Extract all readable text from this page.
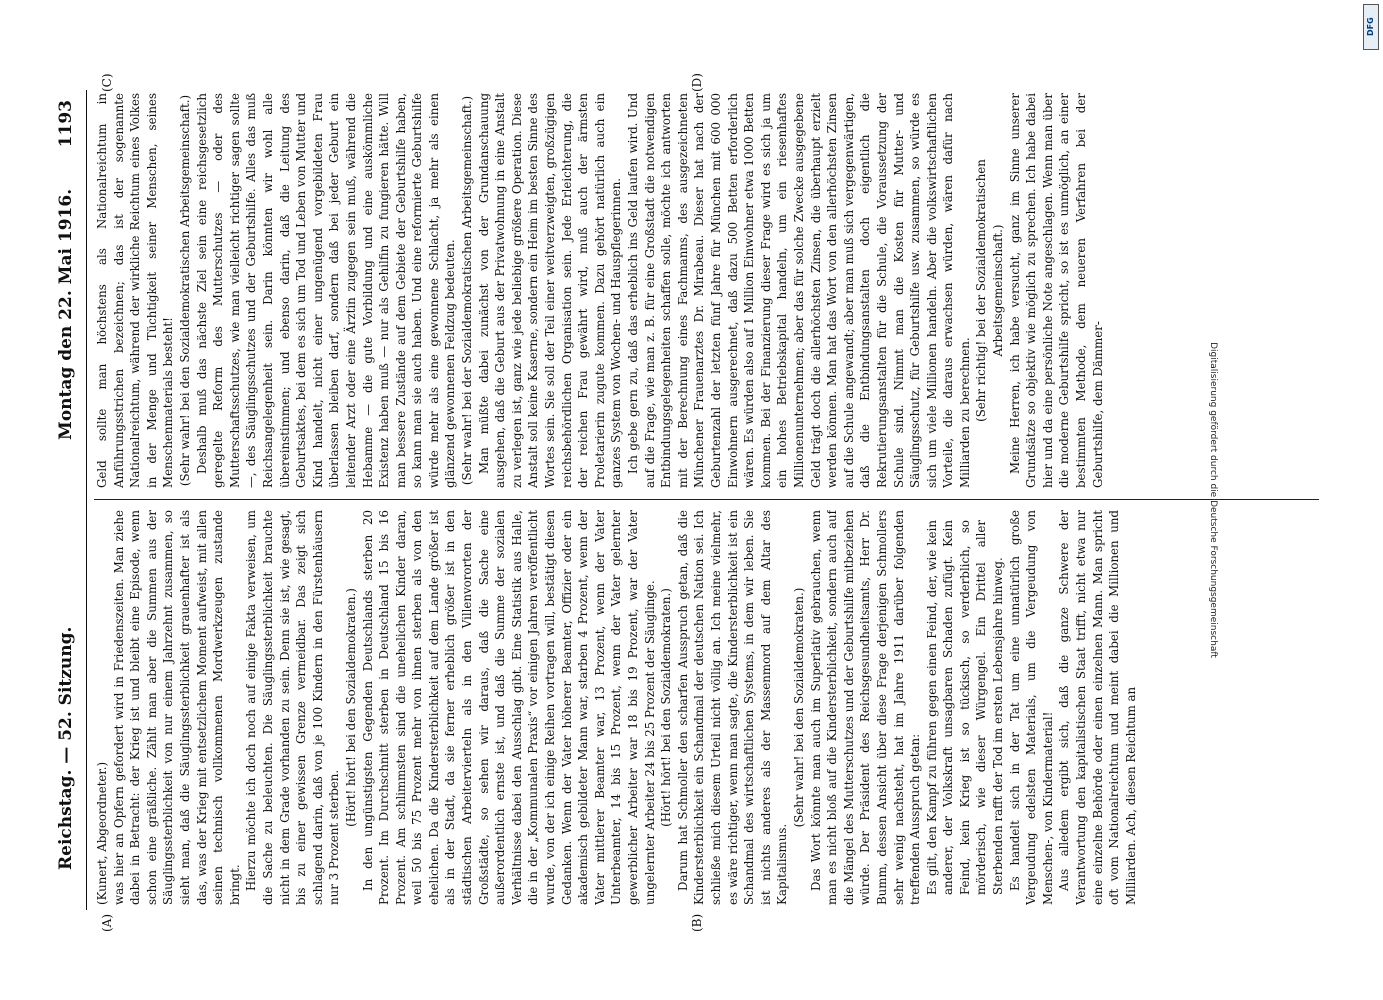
Reichstag. — 52. Sitzung.
Montag den 22. Mai 1916.
1193
(A)	(B)
(C)	(D)

(Kunert, Abgeordneter.) was hier an Opfern gefordert wird in Friedenszeiten. Man ziehe dabei in Betracht: der Krieg ist und bleibt eine Episode, wenn schon eine gräßliche. Zählt man aber die Summen aus der Säuglingssterblichkeit von nur einem Jahrzehnt zusammen, so sieht man, daß die Säuglingssterblichkeit grauenhafter ist als das, was der Krieg mit entsetzlichem Moment aufweist, mit allen seinen technisch vollkommenen Mordwerkzeugen zustande bringt. Hierzu möchte ich doch noch auf einige Fakta verweisen, um die Sache zu beleuchten. Die Säuglingssterblichkeit brauchte nicht in dem Grade vorhanden zu sein. Denn sie ist, wie gesagt, bis zu einer gewissen Grenze vermeidbar. Das zeigt sich schlagend darin, daß von je 100 Kindern in den Fürstenhäusern nur 3 Prozent sterben.

(Hört! hört! bei den Sozialdemokraten.) In den ungünstigsten Gegenden Deutschlands sterben 20 Prozent. Im Durchschnitt sterben in Deutschland 15 bis 16 Prozent. Am schlimmsten sind die unehelichen Kinder daran, weil 50 bis 75 Prozent mehr von ihnen sterben als von den ehelichen. Da die Kindersterblichkeit auf dem Lande größer ist als in der Stadt, da sie ferner erheblich größer ist in den städtischen Arbeitervierteln als in den Villenvororten der Großstädte, so sehen wir daraus, daß die Sache eine außerordentlich ernste ist, und daß die Summe der sozialen Verhältnisse dabei den Ausschlag gibt. Eine Statistik aus Halle, die in der „Kommunalen Praxis“ vor einigen Jahren veröffentlicht wurde, von der ich einige Reihen vortragen will, bestätigt diesen Gedanken. Wenn der Vater höherer Beamter, Offizier oder ein akademisch gebildeter Mann war, starben 4 Prozent, wenn der Vater mittlerer Beamter war, 13 Prozent, wenn der Vater Unterbeamter, 14 bis 15 Prozent, wenn der Vater gelernter gewerblicher Arbeiter war 18 bis 19 Prozent, war der Vater ungelernter Arbeiter 24 bis 25 Prozent der Säuglinge. (Hört! hört! bei den Sozialdemokraten.) Darum hat Schmoller den scharfen Ausspruch getan, daß die Kindersterblichkeit ein Schandmal der deutschen Nation sei. Ich schließe mich diesem Urteil nicht völlig an. Ich meine vielmehr, es wäre richtiger, wenn man sagte, die Kindersterblichkeit ist ein Schandmal des wirtschaftlichen Systems, in dem wir leben. Sie ist nichts anderes als der Massenmord auf dem Altar des Kapitalismus.

(Sehr wahr! bei den Sozialdemokraten.) Das Wort könnte man auch im Superlativ gebrauchen, wenn man es nicht bloß auf die Kindersterblichkeit, sondern auch auf die Mängel des Mutterschutzes und der Geburtshilfe mitbeziehen würde. Der Präsident des Reichsgesundheitsamts, Herr Dr. Bumm, dessen Ansicht über diese Frage derjenigen Schmollers sehr wenig nachsteht, hat im Jahre 1911 darüber folgenden treffenden Ausspruch getan: Es gilt, den Kampf zu führen gegen einen Feind, der, wie kein anderer, der Volkskraft unsagbaren Schaden zufügt. Kein Feind, kein Krieg ist so tückisch, so verderblich, so mörderisch, wie dieser Würgengel. Ein Drittel aller Sterbenden rafft der Tod im ersten Lebensjahre hinweg. Es handelt sich in der Tat um eine unnatürlich große Vergeudung edelsten Materials, um die Vergeudung von Menschen-, von Kindermaterial! Aus alledem ergibt sich, daß die ganze Schwere der Verantwortung den kapitalistischen Staat trifft, nicht etwa nur eine einzelne Behörde oder einen einzelnen Mann. Man spricht oft vom Nationalreichtum und meint dabei die Millionen und Milliarden. Ach, diesen Reichtum an

Geld sollte man höchstens als Nationalreichtum in Anführungsstrichen bezeichnen; das ist der sogenannte Nationalreichtum, während der wirkliche Reichtum eines Volkes in der Menge und Tüchtigkeit seiner Menschen, seines Menschenmaterials besteht! (Sehr wahr! bei den Sozialdemokratischen Arbeitsgemeinschaft.) Deshalb muß das nächste Ziel sein eine reichsgesetzlich geregelte Reform des Mutterschutzes — oder des Mutterschaftsschutzes, wie man vielleicht richtiger sagen sollte —, des Säuglingsschutzes und der Geburtshilfe. Alles das muß Reichsangelegenheit sein. Darin könnten wir wohl alle übereinstimmen; und ebenso darin, daß die Leitung des Geburtsaktes, bei dem es sich um Tod und Leben von Mutter und Kind handelt, nicht einer ungenügend vorgebildeten Frau überlassen bleiben darf, sondern daß bei jeder Geburt ein leitender Arzt oder eine Ärztin zugegen sein muß, während die Hebamme — die gute Vorbildung und eine auskömmliche Existenz haben muß — nur als Gehilfin zu fungieren hätte. Will man bessere Zustände auf dem Gebiete der Geburtshilfe haben, so kann man sie auch haben. Und eine reformierte Geburtshilfe würde mehr als eine gewonnene Schlacht, ja mehr als einen glänzend gewonnenen Feldzug bedeuten. (Sehr wahr! bei der Sozialdemokratischen Arbeitsgemeinschaft.) Man müßte dabei zunächst von der Grundanschauung ausgehen, daß die Geburt aus der Privatwohnung in eine Anstalt zu verlegen ist, ganz wie jede beliebige größere Operation. Diese Anstalt soll keine Kaserne, sondern ein Heim im besten Sinne des Wortes sein. Sie soll der Teil einer weitverzweigten, großzügigen reichsbehördlichen Organisation sein. Jede Erleichterung, die der reichen Frau gewährt wird, muß auch der ärmsten Proletarierin zugute kommen. Dazu gehört natürlich auch ein ganzes System von Wochen- und Hauspflegerinnen. Ich gebe gern zu, daß das erheblich ins Geld laufen wird. Und auf die Frage, wie man z. B. für eine Großstadt die notwendigen Entbindungsgelegenheiten schaffen solle, möchte ich antworten mit der Berechnung eines Fachmanns, des ausgezeichneten Münchener Frauenarztes Dr. Mirabeau. Dieser hat nach der Geburtenzahl der letzten fünf Jahre für München mit 600 000 Einwohnern ausgerechnet, daß dazu 500 Betten erforderlich wären. Es würden also auf 1 Million Einwohner etwa 1000 Betten kommen. Bei der Finanzierung dieser Frage wird es sich ja um ein hohes Betriebskapital handeln, um ein riesenhaftes Millionenunternehmen; aber das für solche Zwecke ausgegebene Geld trägt doch die allerhöchsten Zinsen, die überhaupt erzielt werden können. Man hat das Wort von den allerhöchsten Zinsen auf die Schule angewandt; aber man muß sich vergegenwärtigen, daß die Entbindungsanstalten doch eigentlich die Rekrutierungsanstalten für die Schule, die Voraussetzung der Schule sind. Nimmt man die Kosten für Mutter- und Säuglingsschutz, für Geburtshilfe usw. zusammen, so würde es sich um viele Millionen handeln. Aber die volkswirtschaftlichen Vorteile, die daraus erwachsen würden, wären dafür nach Milliarden zu berechnen. (Sehr richtig! bei der Sozialdemokratischen Arbeitsgemeinschaft.) Meine Herren, ich habe versucht, ganz im Sinne unserer Grundsätze so objektiv wie möglich zu sprechen. Ich habe dabei hier und da eine persönliche Note angeschlagen. Wenn man über die moderne Geburtshilfe spricht, so ist es unmöglich, an einer bestimmten Methode, dem neueren Verfahren bei der Geburtshilfe, dem Dämmer-	Digitalisierung gefördert durch die Deutsche Forschungsgemeinschaft
DFG
